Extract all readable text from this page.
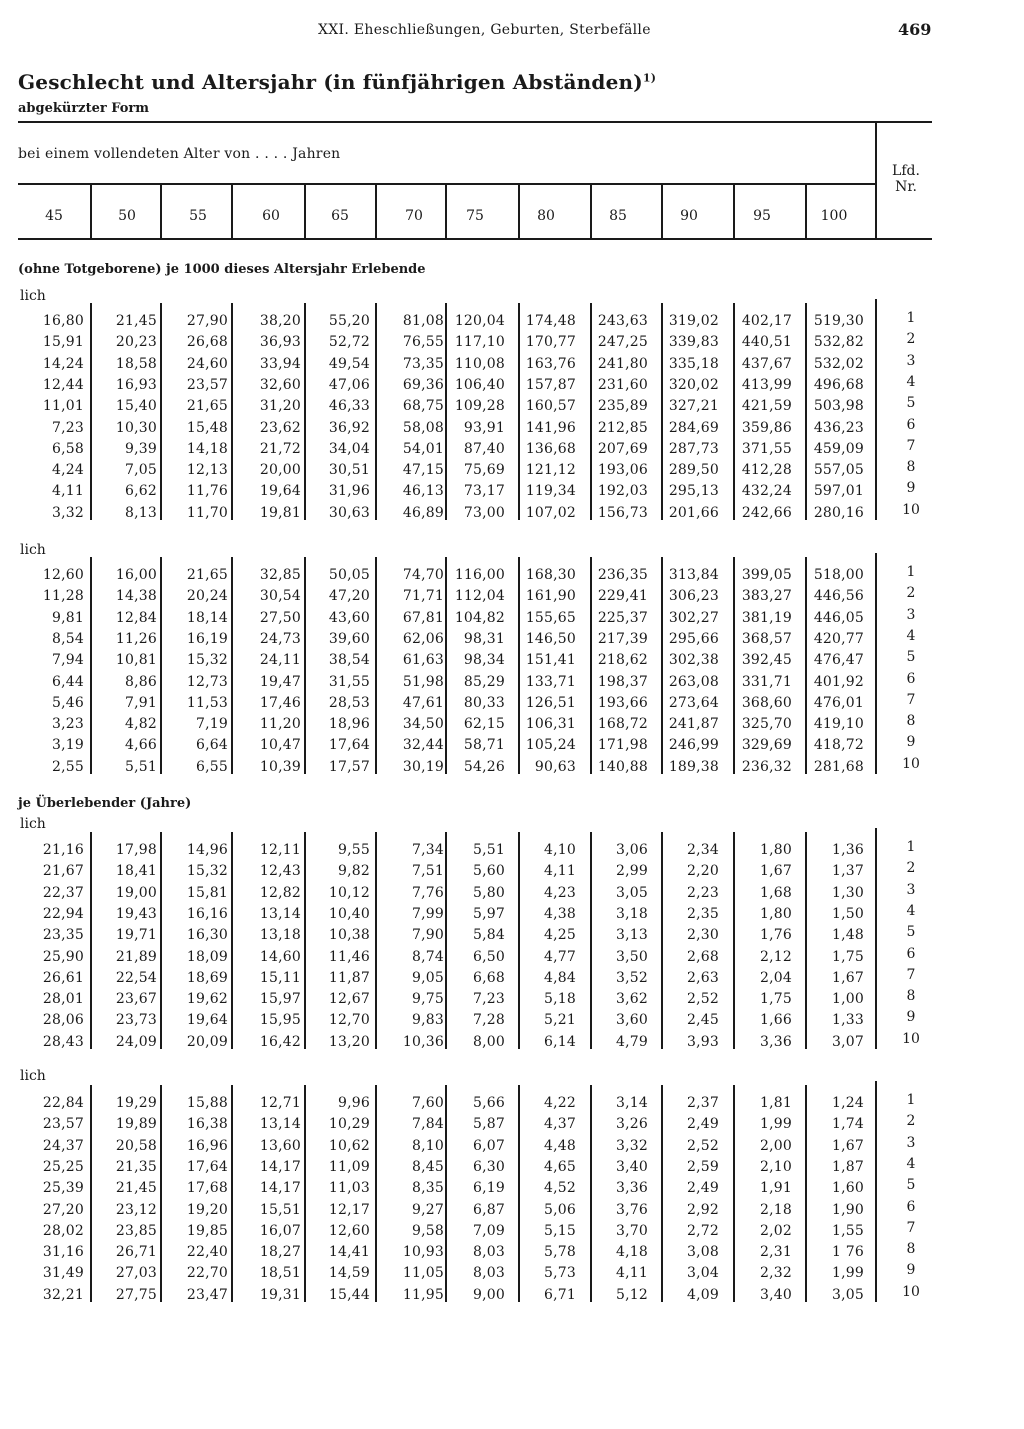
XXI. Eheschließungen, Geburten, Sterbefälle	469
Geschlecht und Altersjahr (in fünfjährigen Abständen)$^{1)}$
abgekürzter Form
bei einem vollendeten Alter von . . . . Jahren
Lfd.
Nr.
45	50	55	60	65	70	75	80	85	90	95	100
(ohne Totgeborene) je 1000 dieses Altersjahr Erlebende
lich
16,80	21,45	27,90	38,20	55,20	81,08 120,04	174,48	243,63	319,02	402,17	519,30	1
15,91	20,23	26,68	36,93	52,72	76,55 117,10	170,77	247,25	339,83	440,51	532,82	2
14,24	18,58	24,60	33,94	49,54	73,35 110,08	163,76	241,80	335,18	437,67	532,02	3
12,44	16,93	23,57	32,60	47,06	69,36 106,40	157,87	231,60	320,02	413,99	496,68	4
11,01	15,40	21,65	31,20	46,33	68,75 109,28	160,57	235,89	327,21	421,59	503,98	5
7,23	10,30	15,48	23,62	36,92	58,08	93,91	141,96	212,85	284,69	359,86	436,23	6
6,58	9,39	14,18	21,72	34,04	54,01	87,40	136,68	207,69	287,73	371,55	459,09	7
4,24	7,05	12,13	20,00	30,51	47,15	75,69	121,12	193,06	289,50	412,28	557,05	8
4,11	6,62	11,76	19,64	31,96	46,13	73,17	119,34	192,03	295,13	432,24	597,01	9
3,32	8,13	11,70	19,81	30,63	46,89	73,00	107,02	156,73	201,66	242,66	280,16	10
lich
12,60	16,00	21,65	32,85	50,05	74,70 116,00	168,30	236,35	313,84	399,05	518,00	1
11,28	14,38	20,24	30,54	47,20	71,71 112,04	161,90	229,41	306,23	383,27	446,56	2
9,81	12,84	18,14	27,50	43,60	67,81 104,82	155,65	225,37	302,27	381,19	446,05	3
8,54	11,26	16,19	24,73	39,60	62,06	98,31	146,50	217,39	295,66	368,57	420,77	4
7,94	10,81	15,32	24,11	38,54	61,63	98,34	151,41	218,62	302,38	392,45	476,47	5
6,44	8,86	12,73	19,47	31,55	51,98	85,29	133,71	198,37	263,08	331,71	401,92	6
5,46	7,91	11,53	17,46	28,53	47,61	80,33	126,51	193,66	273,64	368,60	476,01	7
3,23	4,82	7,19	11,20	18,96	34,50	62,15	106,31	168,72	241,87	325,70	419,10	8
3,19	4,66	6,64	10,47	17,64	32,44	58,71	105,24	171,98	246,99	329,69	418,72	9
2,55	5,51	6,55	10,39	17,57	30,19	54,26	90,63	140,88	189,38	236,32	281,68	10
je Überlebender (Jahre)
lich
21,16	17,98	14,96	12,11	9,55	7,34	5,51	4,10	3,06	2,34	1,80	1,36	1
21,67	18,41	15,32	12,43	9,82	7,51	5,60	4,11	2,99	2,20	1,67	1,37	2
22,37	19,00	15,81	12,82	10,12	7,76	5,80	4,23	3,05	2,23	1,68	1,30	3
22,94	19,43	16,16	13,14	10,40	7,99	5,97	4,38	3,18	2,35	1,80	1,50	4
23,35	19,71	16,30	13,18	10,38	7,90	5,84	4,25	3,13	2,30	1,76	1,48	5
25,90	21,89	18,09	14,60	11,46	8,74	6,50	4,77	3,50	2,68	2,12	1,75	6
26,61	22,54	18,69	15,11	11,87	9,05	6,68	4,84	3,52	2,63	2,04	1,67	7
28,01	23,67	19,62	15,97	12,67	9,75	7,23	5,18	3,62	2,52	1,75	1,00	8
28,06	23,73	19,64	15,95	12,70	9,83	7,28	5,21	3,60	2,45	1,66	1,33	9
28,43	24,09	20,09	16,42	13,20	10,36	8,00	6,14	4,79	3,93	3,36	3,07	10
lich
22,84	19,29	15,88	12,71	9,96	7,60	5,66	4,22	3,14	2,37	1,81	1,24	1
23,57	19,89	16,38	13,14	10,29	7,84	5,87	4,37	3,26	2,49	1,99	1,74	2
24,37	20,58	16,96	13,60	10,62	8,10	6,07	4,48	3,32	2,52	2,00	1,67	3
25,25	21,35	17,64	14,17	11,09	8,45	6,30	4,65	3,40	2,59	2,10	1,87	4
25,39	21,45	17,68	14,17	11,03	8,35	6,19	4,52	3,36	2,49	1,91	1,60	5
27,20	23,12	19,20	15,51	12,17	9,27	6,87	5,06	3,76	2,92	2,18	1,90	6
28,02	23,85	19,85	16,07	12,60	9,58	7,09	5,15	3,70	2,72	2,02	1,55	7
31,16	26,71	22,40	18,27	14,41	10,93	8,03	5,78	4,18	3,08	2,31	1 76	8
31,49	27,03	22,70	18,51	14,59	11,05	8,03	5,73	4,11	3,04	2,32	1,99	9
32,21	27,75	23,47	19,31	15,44	11,95	9,00	6,71	5,12	4,09	3,40	3,05	10
